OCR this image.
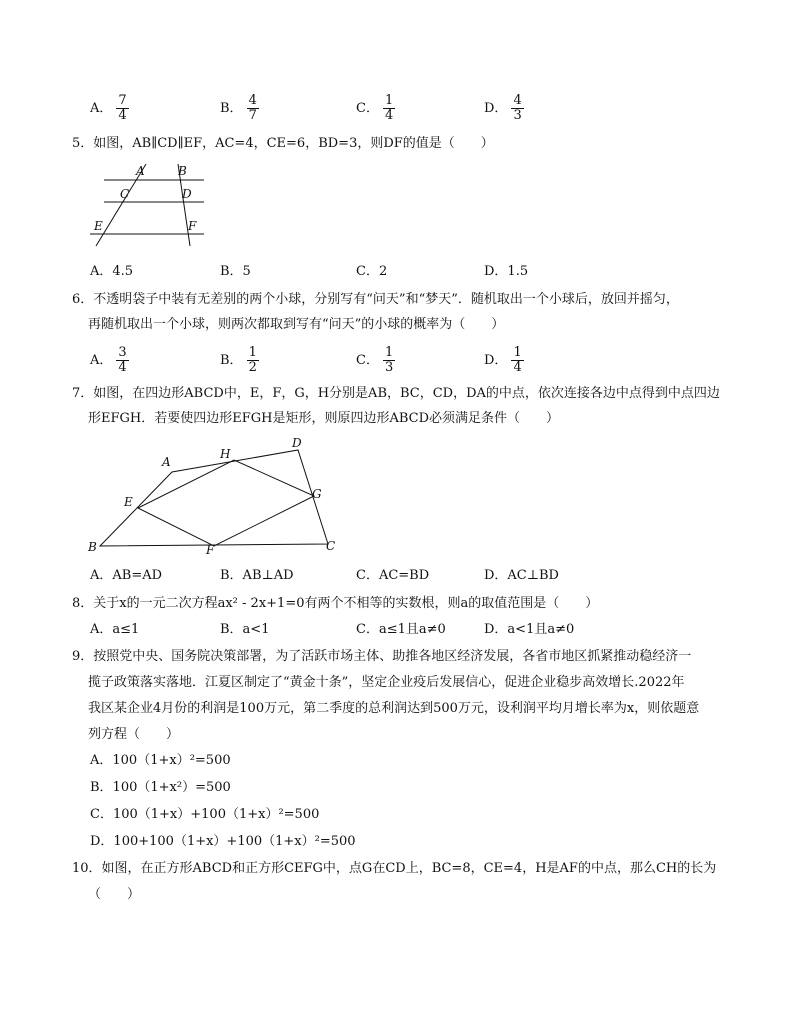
A． $\frac{7}{4}$	B． $\frac{4}{7}$	C． $\frac{1}{4}$	D． $\frac{4}{3}$
5．如图，AB∥CD∥EF，AC=4，CE=6，BD=3，则DF的值是（　　）
A	B
C	D
E	F
A．4.5	B．5	C．2	D．1.5
6．不透明袋子中装有无差别的两个小球，分别写有“问天”和“梦天”．随机取出一个小球后，放回并摇匀，
再随机取出一个小球，则两次都取到写有“问天”的小球的概率为（　　）
A． $\frac{3}{4}$	B． $\frac{1}{2}$	C． $\frac{1}{3}$	D． $\frac{1}{4}$
7．如图，在四边形ABCD中，E，F，G，H分别是AB，BC，CD，DA的中点，依次连接各边中点得到中点四边
形EFGH．若要使四边形EFGH是矩形，则原四边形ABCD必须满足条件（　　）
A
H
D
E
G
B	F	C
A．AB=AD	B．AB⊥AD	C．AC=BD	D．AC⊥BD
8．关于x的一元二次方程ax² - 2x+1=0有两个不相等的实数根，则a的取值范围是（　　）
A．a≤1	B．a<1	C．a≤1且a≠0	D．a<1且a≠0
9．按照党中央、国务院决策部署，为了活跃市场主体、助推各地区经济发展，各省市地区抓紧推动稳经济一
揽子政策落实落地．江夏区制定了“黄金十条”，坚定企业疫后发展信心，促进企业稳步高效增长.2022年
我区某企业4月份的利润是100万元，第二季度的总利润达到500万元，设利润平均月增长率为x，则依题意
列方程（　　）
A．100（1+x）²=500
B．100（1+x²）=500
C．100（1+x）+100（1+x）²=500
D．100+100（1+x）+100（1+x）²=500
10．如图，在正方形ABCD和正方形CEFG中，点G在CD上，BC=8，CE=4，H是AF的中点，那么CH的长为
（　　）
